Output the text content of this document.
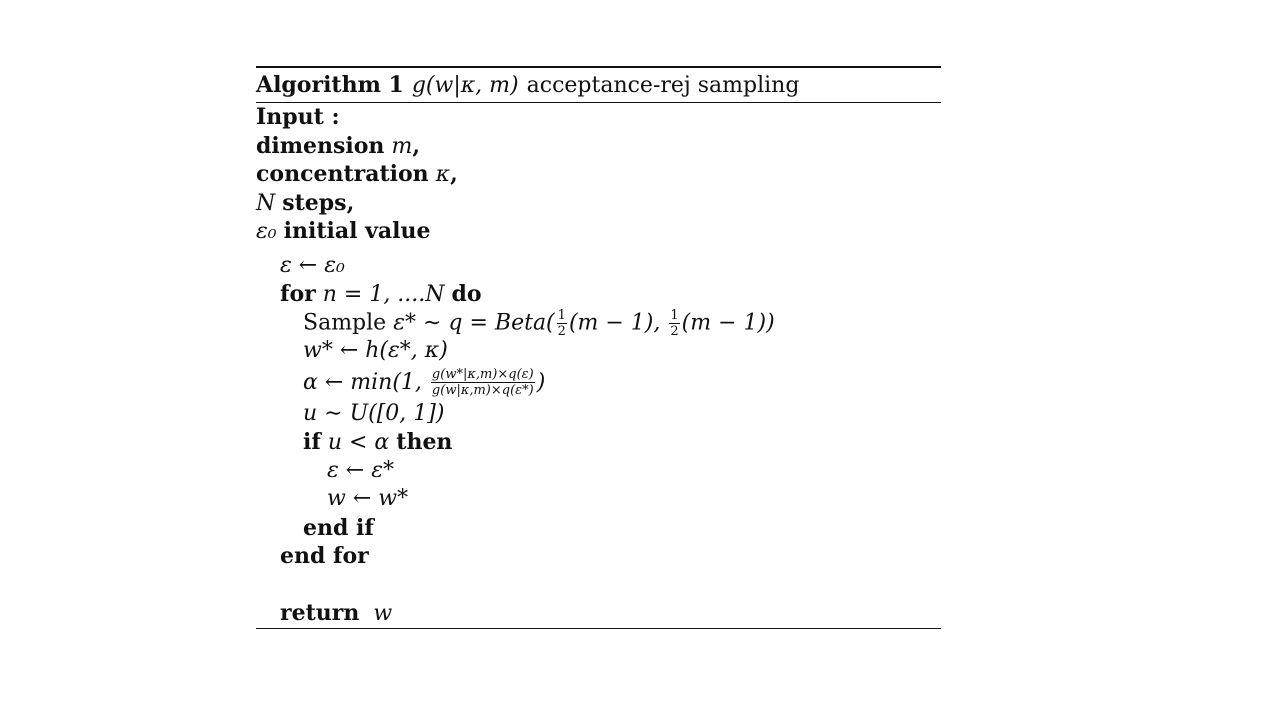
Algorithm 1 g(w|κ, m) acceptance-rej sampling
Input :
dimension m,
concentration κ,
N steps,
ε₀ initial value
ε ← ε₀
for n = 1, ....N do
Sample ε* ∼ q = Beta( $\frac{1}{2} (m - 1)$, $\frac{1}{2} (m - 1)$)
w* ← h(ε*, κ)
α ← min(1, $\frac{g(w*|\kappa,m)\times q(\varepsilon)}{g(w|\kappa,m)\times q(\varepsilon*)}$ )
u ∼ U([0, 1])
if u < α then
ε ← ε*
w ← w*
end if
end for
return w
